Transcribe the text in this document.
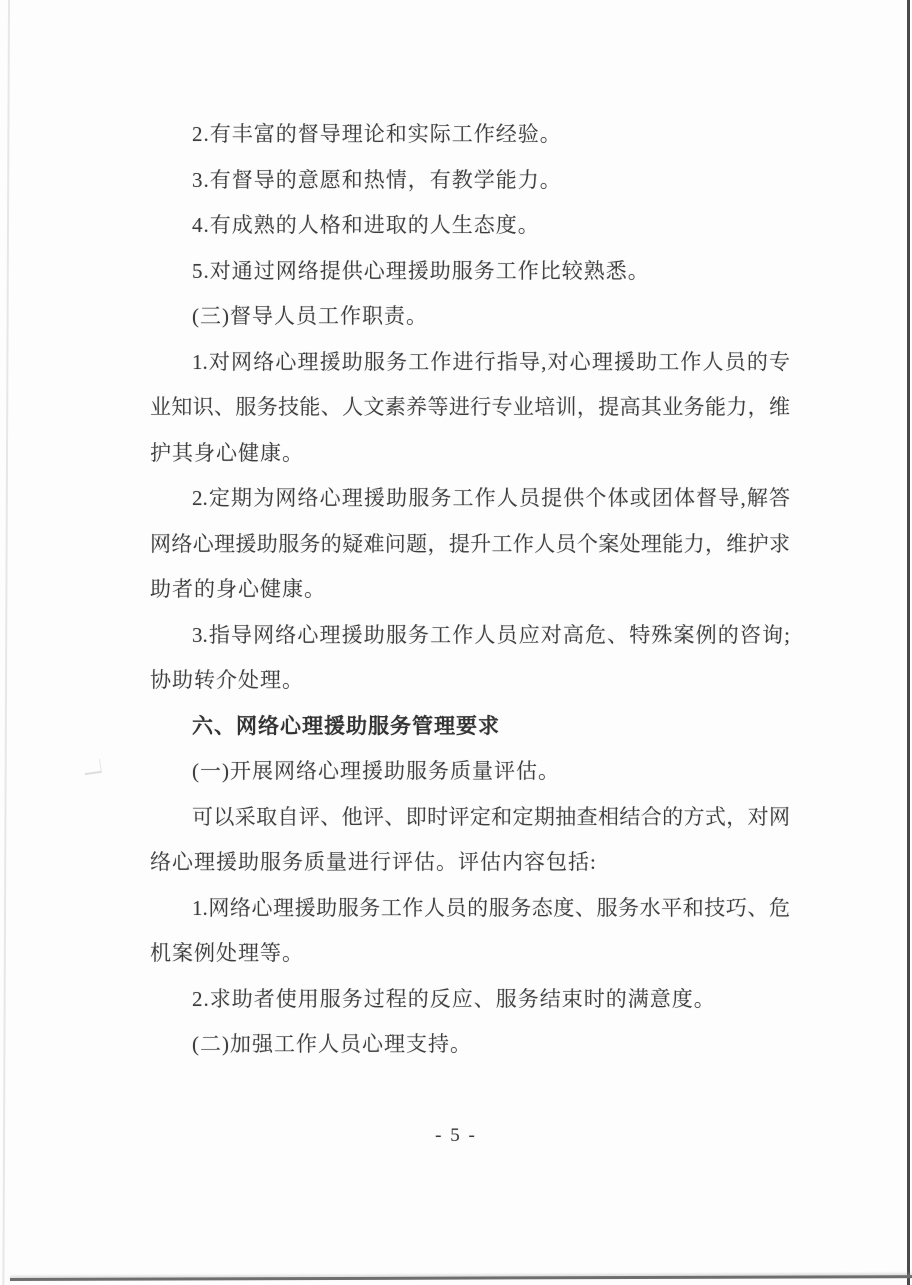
2.有丰富的督导理论和实际工作经验。
3.有督导的意愿和热情，有教学能力。
4.有成熟的人格和进取的人生态度。
5.对通过网络提供心理援助服务工作比较熟悉。
(三)督导人员工作职责。
1.对网络心理援助服务工作进行指导,对心理援助工作人员的专
业知识、服务技能、人文素养等进行专业培训，提高其业务能力，维
护其身心健康。
2.定期为网络心理援助服务工作人员提供个体或团体督导,解答
网络心理援助服务的疑难问题，提升工作人员个案处理能力，维护求
助者的身心健康。
3.指导网络心理援助服务工作人员应对高危、特殊案例的咨询;
协助转介处理。
六、网络心理援助服务管理要求
(一)开展网络心理援助服务质量评估。
可以采取自评、他评、即时评定和定期抽查相结合的方式，对网
络心理援助服务质量进行评估。评估内容包括:
1.网络心理援助服务工作人员的服务态度、服务水平和技巧、危
机案例处理等。
2.求助者使用服务过程的反应、服务结束时的满意度。
(二)加强工作人员心理支持。
- 5 -
